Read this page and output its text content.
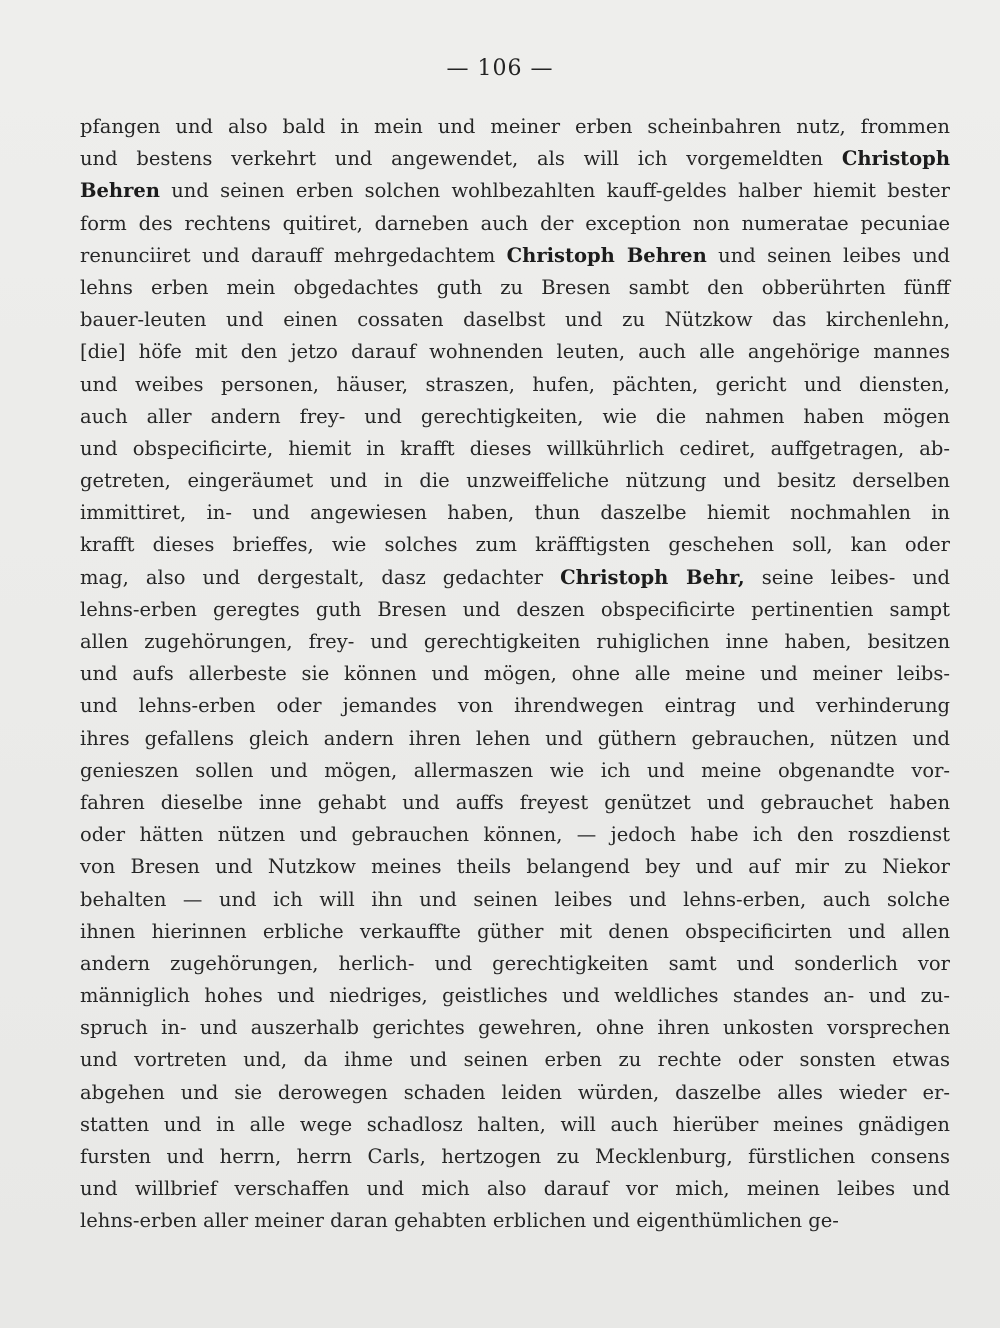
— 106 —
pfangen und also bald in mein und meiner erben scheinbahren nutz, frommen
und bestens verkehrt und angewendet, als will ich vorgemeldten Christoph
Behren und seinen erben solchen wohlbezahlten kauff-geldes halber hiemit bester
form des rechtens quitiret, darneben auch der exception non numeratae pecuniae
renunciiret und darauff mehrgedachtem Christoph Behren und seinen leibes und
lehns erben mein obgedachtes guth zu Bresen sambt den obberührten fünff
bauer-leuten und einen cossaten daselbst und zu Nützkow das kirchenlehn,
[die] höfe mit den jetzo darauf wohnenden leuten, auch alle angehörige mannes
und weibes personen, häuser, straszen, hufen, pächten, gericht und diensten,
auch aller andern frey- und gerechtigkeiten, wie die nahmen haben mögen
und obspecificirte, hiemit in krafft dieses willkührlich cediret, auffgetragen, ab-
getreten, eingeräumet und in die unzweiffeliche nützung und besitz derselben
immittiret, in- und angewiesen haben, thun daszelbe hiemit nochmahlen in
krafft dieses brieffes, wie solches zum kräfftigsten geschehen soll, kan oder
mag, also und dergestalt, dasz gedachter Christoph Behr, seine leibes- und
lehns-erben geregtes guth Bresen und deszen obspecificirte pertinentien sampt
allen zugehörungen, frey- und gerechtigkeiten ruhiglichen inne haben, besitzen
und aufs allerbeste sie können und mögen, ohne alle meine und meiner leibs-
und lehns-erben oder jemandes von ihrendwegen eintrag und verhinderung
ihres gefallens gleich andern ihren lehen und güthern gebrauchen, nützen und
genieszen sollen und mögen, allermaszen wie ich und meine obgenandte vor-
fahren dieselbe inne gehabt und auffs freyest genützet und gebrauchet haben
oder hätten nützen und gebrauchen können, — jedoch habe ich den roszdienst
von Bresen und Nutzkow meines theils belangend bey und auf mir zu Niekor
behalten — und ich will ihn und seinen leibes und lehns-erben, auch solche
ihnen hierinnen erbliche verkauffte güther mit denen obspecificirten und allen
andern zugehörungen, herlich- und gerechtigkeiten samt und sonderlich vor
männiglich hohes und niedriges, geistliches und weldliches standes an- und zu-
spruch in- und auszerhalb gerichtes gewehren, ohne ihren unkosten vorsprechen
und vortreten und, da ihme und seinen erben zu rechte oder sonsten etwas
abgehen und sie derowegen schaden leiden würden, daszelbe alles wieder er-
statten und in alle wege schadlosz halten, will auch hierüber meines gnädigen
fursten und herrn, herrn Carls, hertzogen zu Mecklenburg, fürstlichen consens
und willbrief verschaffen und mich also darauf vor mich, meinen leibes und
lehns-erben aller meiner daran gehabten erblichen und eigenthümlichen ge-
